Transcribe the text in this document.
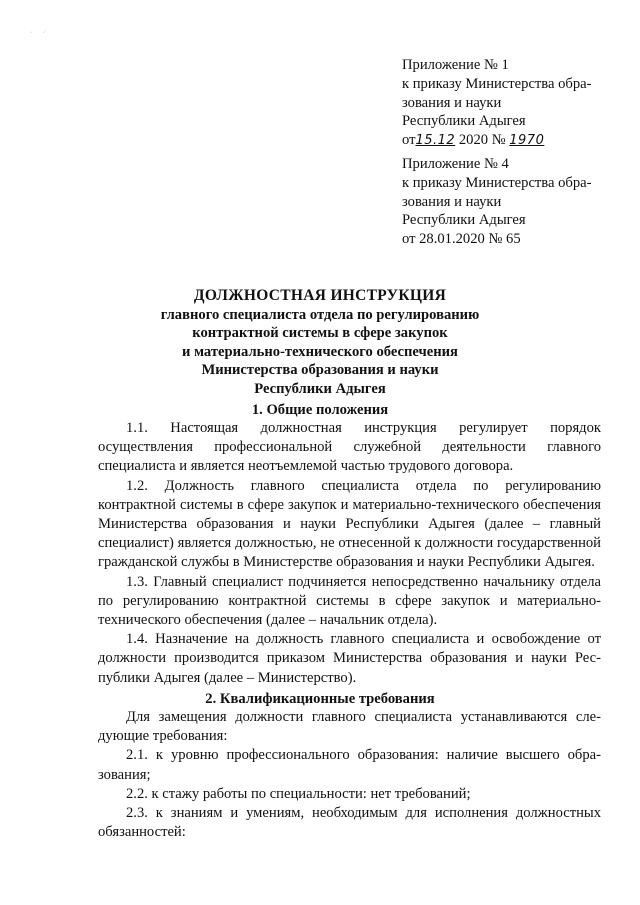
·       ·˙
Приложение № 1
к приказу Министерства обра-
зования и науки
Республики Адыгея
от15.12 2020 № 1970
Приложение № 4
к приказу Министерства обра-
зования и науки
Республики Адыгея
от 28.01.2020 № 65
ДОЛЖНОСТНАЯ ИНСТРУКЦИЯ
главного специалиста отдела по регулированию
контрактной системы в сфере закупок
и материально-технического обеспечения
Министерства образования и науки
Республики Адыгея
1. Общие положения

1.1. Настоящая должностная инструкция регулирует порядок осуществления профессиональной служебной деятельности главного специалиста и является неотъемлемой частью трудового договора.

1.2. Должность главного специалиста отдела по регулированию контрактной системы в сфере закупок и материально-технического обеспечения Министерства образования и науки Республики Адыгея (далее – главный специалист) является должностью, не отнесенной к должности государственной гражданской службы в Министерстве образования и науки Республики Адыгея.

1.3. Главный специалист подчиняется непосредственно начальнику отдела по регулированию контрактной системы в сфере закупок и материально-технического обеспечения (далее – начальник отдела).

1.4. Назначение на должность главного специалиста и освобождение от должности производится приказом Министерства образования и науки Республики Адыгея (далее – Министерство).

2. Квалификационные требования

Для замещения должности главного специалиста устанавливаются следующие требования:

2.1. к уровню профессионального образования: наличие высшего образования;

2.2. к стажу работы по специальности: нет требований;

2.3. к знаниям и умениям, необходимым для исполнения должностных обязанностей:
